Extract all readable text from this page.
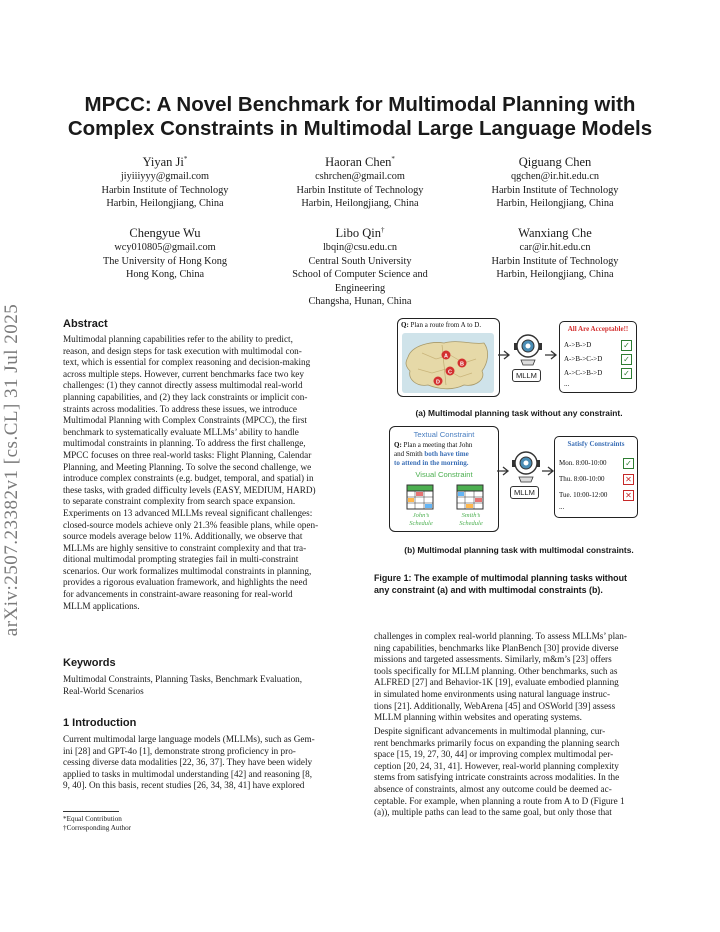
arXiv:2507.23382v1 [cs.CL] 31 Jul 2025
MPCC: A Novel Benchmark for Multimodal Planning with
Complex Constraints in Multimodal Large Language Models
Yiyan Ji*
jiyiiiyyy@gmail.com
Harbin Institute of Technology
Harbin, Heilongjiang, China
Haoran Chen*
cshrchen@gmail.com
Harbin Institute of Technology
Harbin, Heilongjiang, China
Qiguang Chen
qgchen@ir.hit.edu.cn
Harbin Institute of Technology
Harbin, Heilongjiang, China
Chengyue Wu
wcy010805@gmail.com
The University of Hong Kong
Hong Kong, China
Libo Qin†
lbqin@csu.edu.cn
Central South University
School of Computer Science and
Engineering
Changsha, Hunan, China
Wanxiang Che
car@ir.hit.edu.cn
Harbin Institute of Technology
Harbin, Heilongjiang, China
Abstract
Multimodal planning capabilities refer to the ability to predict,
reason, and design steps for task execution with multimodal con-
text, which is essential for complex reasoning and decision-making
across multiple steps. However, current benchmarks face two key
challenges: (1) they cannot directly assess multimodal real-world
planning capabilities, and (2) they lack constraints or implicit con-
straints across modalities. To address these issues, we introduce
Multimodal Planning with Complex Constraints (MPCC), the first
benchmark to systematically evaluate MLLMs’ ability to handle
multimodal constraints in planning. To address the first challenge,
MPCC focuses on three real-world tasks: Flight Planning, Calendar
Planning, and Meeting Planning. To solve the second challenge, we
introduce complex constraints (e.g. budget, temporal, and spatial) in
these tasks, with graded difficulty levels (EASY, MEDIUM, HARD)
to separate constraint complexity from search space expansion.
Experiments on 13 advanced MLLMs reveal significant challenges:
closed-source models achieve only 21.3% feasible plans, while open-
source models average below 11%. Additionally, we observe that
MLLMs are highly sensitive to constraint complexity and that tra-
ditional multimodal prompting strategies fail in multi-constraint
scenarios. Our work formalizes multimodal constraints in planning,
provides a rigorous evaluation framework, and highlights the need
for advancements in constraint-aware reasoning for real-world
MLLM applications.
Keywords
Multimodal Constraints, Planning Tasks, Benchmark Evaluation,
Real-World Scenarios
1 Introduction
Current multimodal large language models (MLLMs), such as Gem-
ini [28] and GPT-4o [1], demonstrate strong proficiency in pro-
cessing diverse data modalities [22, 36, 37]. They have been widely
applied to tasks in multimodal understanding [42] and reasoning [8,
9, 40]. On this basis, recent studies [26, 34, 38, 41] have explored
*Equal Contribution
†Corresponding Author
Q: Plan a route from A to D.
A
B
C
D
MLLM
All Are Acceptable!!
A->B->D
A->B->C->D
A->C->B->D
...
✓
✓
✓
(a) Multimodal planning task without any constraint.
Textual Constraint
Q: Plan a meeting that John
and Smith both have time
to attend in the morning.
Visual Constraint
John’s
Schedule
Smith’s
Schedule
MLLM
Satisfy Constraints
Mon. 8:00-10:00
Thu. 8:00-10:00
Tue. 10:00-12:00
...
✓
✕
✕
(b) Multimodal planning task with multimodal constraints.
Figure 1: The example of multimodal planning tasks without
any constraint (a) and with multimodal constraints (b).
challenges in complex real-world planning. To assess MLLMs’ plan-
ning capabilities, benchmarks like PlanBench [30] provide diverse
missions and targeted assessments. Similarly, m&m’s [23] offers
tools specifically for MLLM planning. Other benchmarks, such as
ALFRED [27] and Behavior-1K [19], evaluate embodied planning
in simulated home environments using natural language instruc-
tions [21]. Additionally, WebArena [45] and OSWorld [39] assess
MLLM planning within websites and operating systems.
Despite significant advancements in multimodal planning, cur-
rent benchmarks primarily focus on expanding the planning search
space [15, 19, 27, 30, 44] or improving complex multimodal per-
ception [20, 24, 31, 41]. However, real-world planning complexity
stems from satisfying intricate constraints across modalities. In the
absence of constraints, almost any outcome could be deemed ac-
ceptable. For example, when planning a route from A to D (Figure 1
(a)), multiple paths can lead to the same goal, but only those that
